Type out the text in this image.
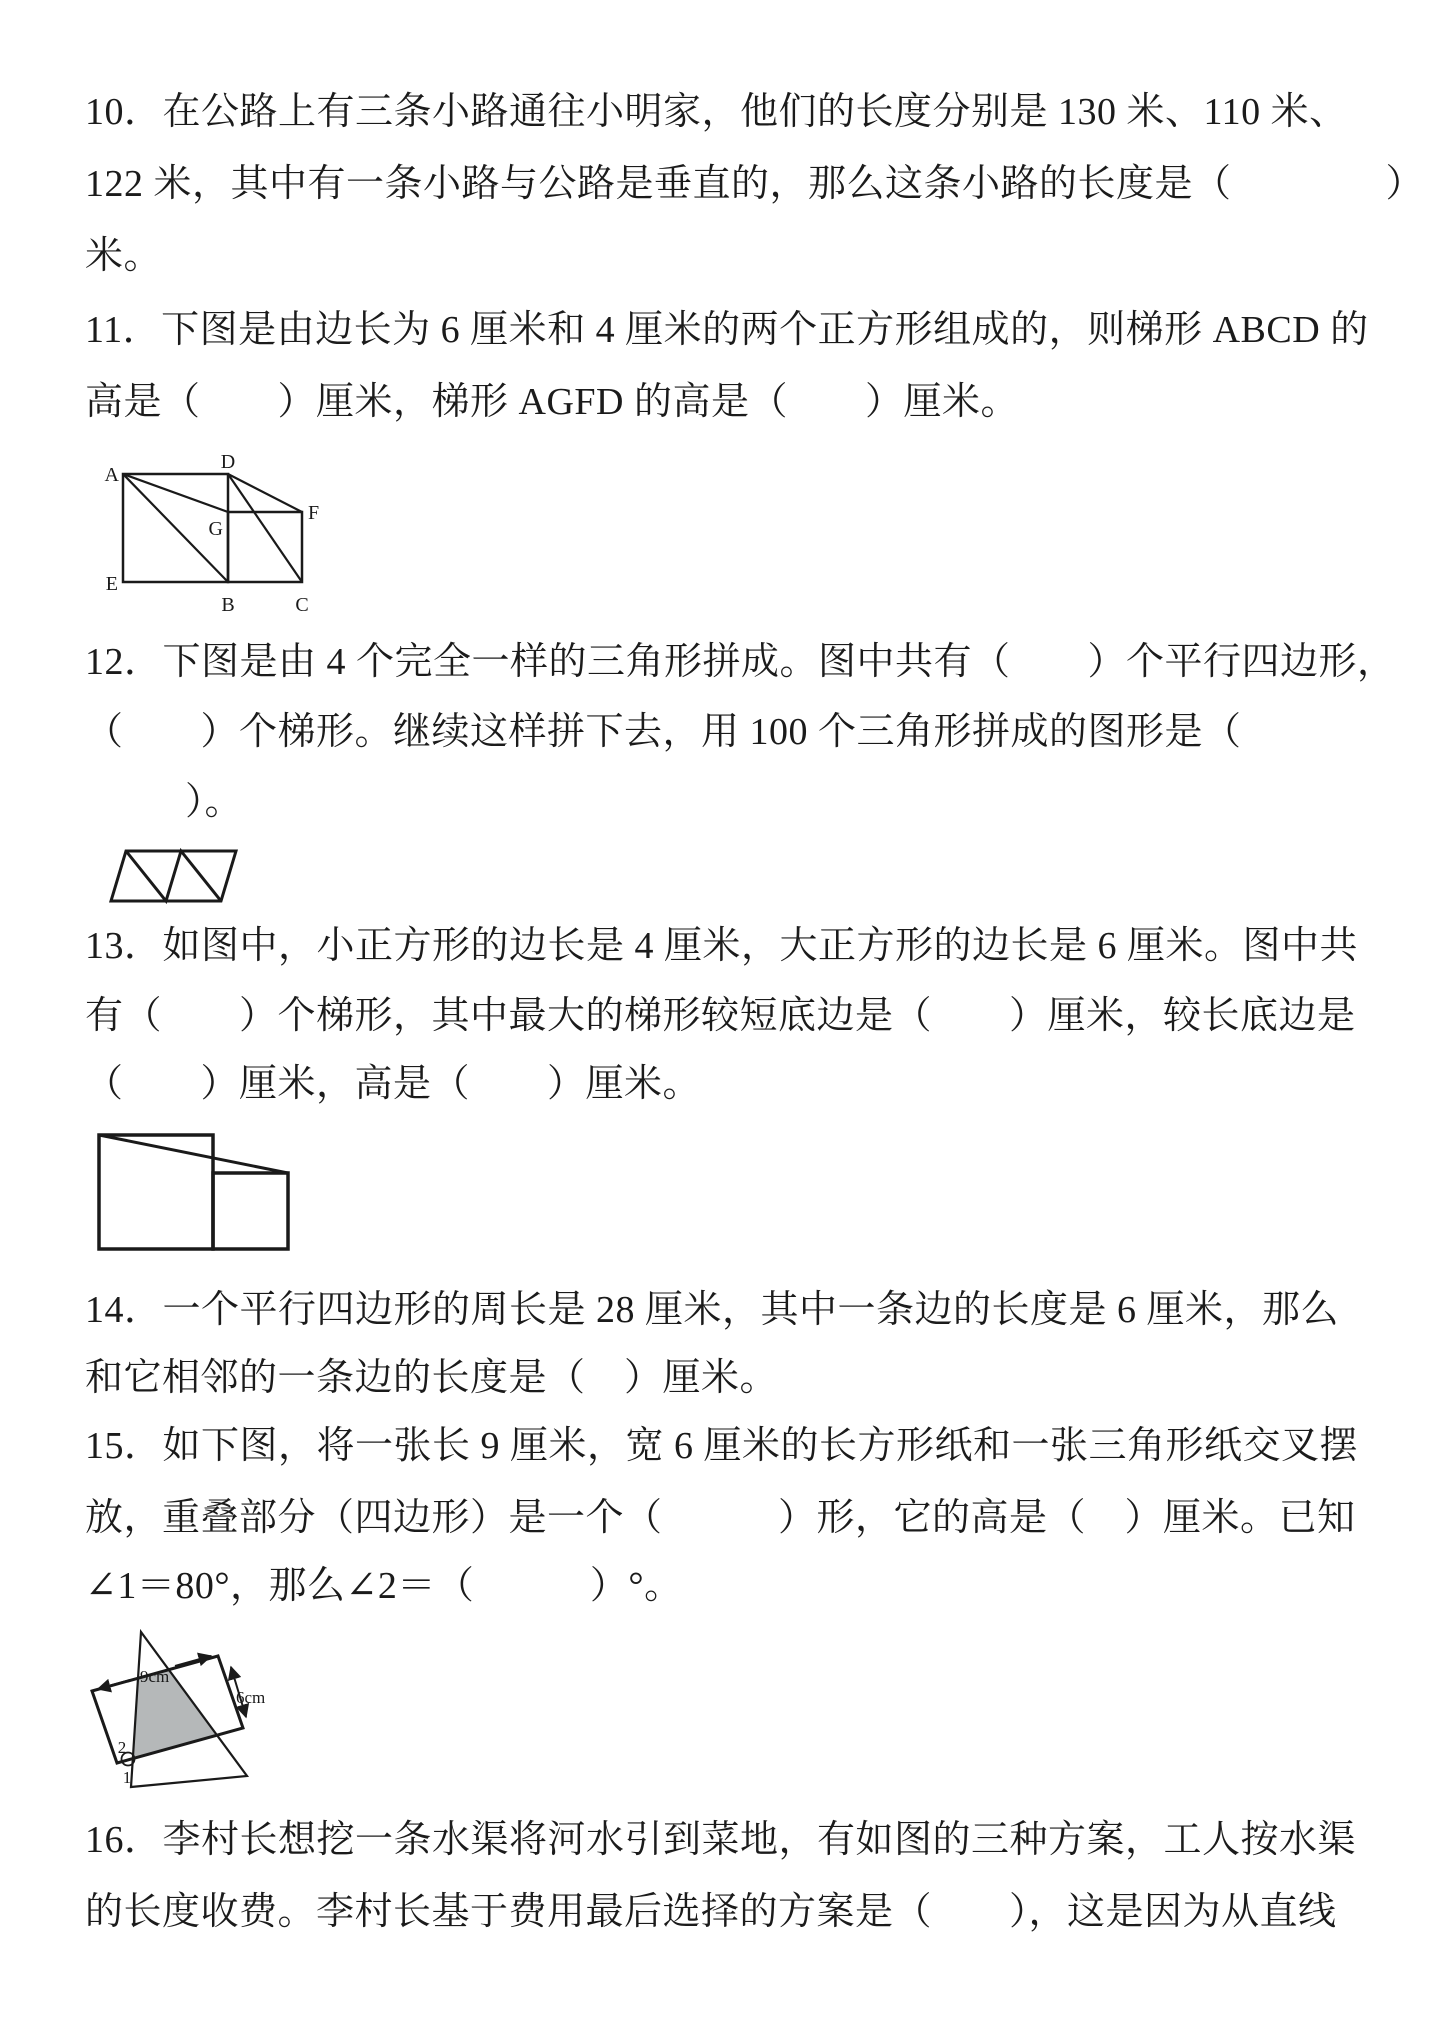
10．在公路上有三条小路通往小明家，他们的长度分别是 130 米、110 米、
122 米，其中有一条小路与公路是垂直的，那么这条小路的长度是（　　　　）
米。
11．下图是由边长为 6 厘米和 4 厘米的两个正方形组成的，则梯形 ABCD 的
高是（　　）厘米，梯形 AGFD 的高是（　　）厘米。
A
D
F
G
E
B	C
12．下图是由 4 个完全一样的三角形拼成。图中共有（　　）个平行四边形，
（　　）个梯形。继续这样拼下去，用 100 个三角形拼成的图形是（
）。
13．如图中，小正方形的边长是 4 厘米，大正方形的边长是 6 厘米。图中共
有（　　）个梯形，其中最大的梯形较短底边是（　　）厘米，较长底边是
（　　）厘米，高是（　　）厘米。
14．一个平行四边形的周长是 28 厘米，其中一条边的长度是 6 厘米，那么
和它相邻的一条边的长度是（　）厘米。
15．如下图，将一张长 9 厘米，宽 6 厘米的长方形纸和一张三角形纸交叉摆
放，重叠部分（四边形）是一个（　　　）形，它的高是（　）厘米。已知
∠1＝80°，那么∠2＝（　　　）°。
9cm
6cm
2
1
16．李村长想挖一条水渠将河水引到菜地，有如图的三种方案，工人按水渠
的长度收费。李村长基于费用最后选择的方案是（　　），这是因为从直线
